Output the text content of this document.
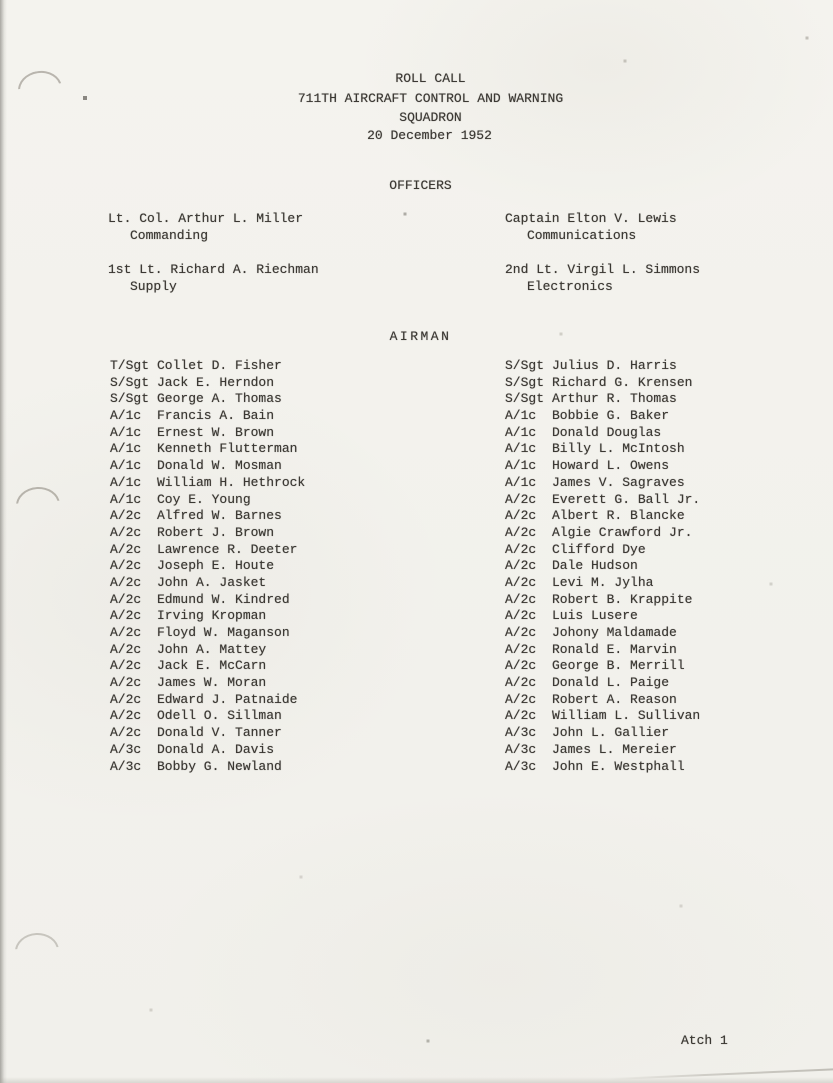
ROLL CALL
711TH AIRCRAFT CONTROL AND WARNING
SQUADRON
20 December 1952
OFFICERS
Lt. Col. Arthur L. Miller
Commanding
Captain Elton V. Lewis
Communications
1st Lt. Richard A. Riechman
Supply
2nd Lt. Virgil L. Simmons
Electronics
AIRMAN
T/Sgt Collet D. Fisher
S/Sgt Jack E. Herndon
S/Sgt George A. Thomas
A/1c	Francis A. Bain
A/1c	Ernest W. Brown
A/1c	Kenneth Flutterman
A/1c	Donald W. Mosman
A/1c	William H. Hethrock
A/1c	Coy E. Young
A/2c	Alfred W. Barnes
A/2c	Robert J. Brown
A/2c	Lawrence R. Deeter
A/2c	Joseph E. Houte
A/2c	John A. Jasket
A/2c	Edmund W. Kindred
A/2c	Irving Kropman
A/2c	Floyd W. Maganson
A/2c	John A. Mattey
A/2c	Jack E. McCarn
A/2c	James W. Moran
A/2c	Edward J. Patnaide
A/2c	Odell O. Sillman
A/2c	Donald V. Tanner
A/3c	Donald A. Davis
A/3c	Bobby G. Newland
S/Sgt Julius D. Harris
S/Sgt Richard G. Krensen
S/Sgt Arthur R. Thomas
A/1c	Bobbie G. Baker
A/1c	Donald Douglas
A/1c	Billy L. McIntosh
A/1c	Howard L. Owens
A/1c	James V. Sagraves
A/2c	Everett G. Ball Jr.
A/2c	Albert R. Blancke
A/2c	Algie Crawford Jr.
A/2c	Clifford Dye
A/2c	Dale Hudson
A/2c	Levi M. Jylha
A/2c	Robert B. Krappite
A/2c	Luis Lusere
A/2c	Johony Maldamade
A/2c	Ronald E. Marvin
A/2c	George B. Merrill
A/2c	Donald L. Paige
A/2c	Robert A. Reason
A/2c	William L. Sullivan
A/3c	John L. Gallier
A/3c	James L. Mereier
A/3c	John E. Westphall
Atch 1
